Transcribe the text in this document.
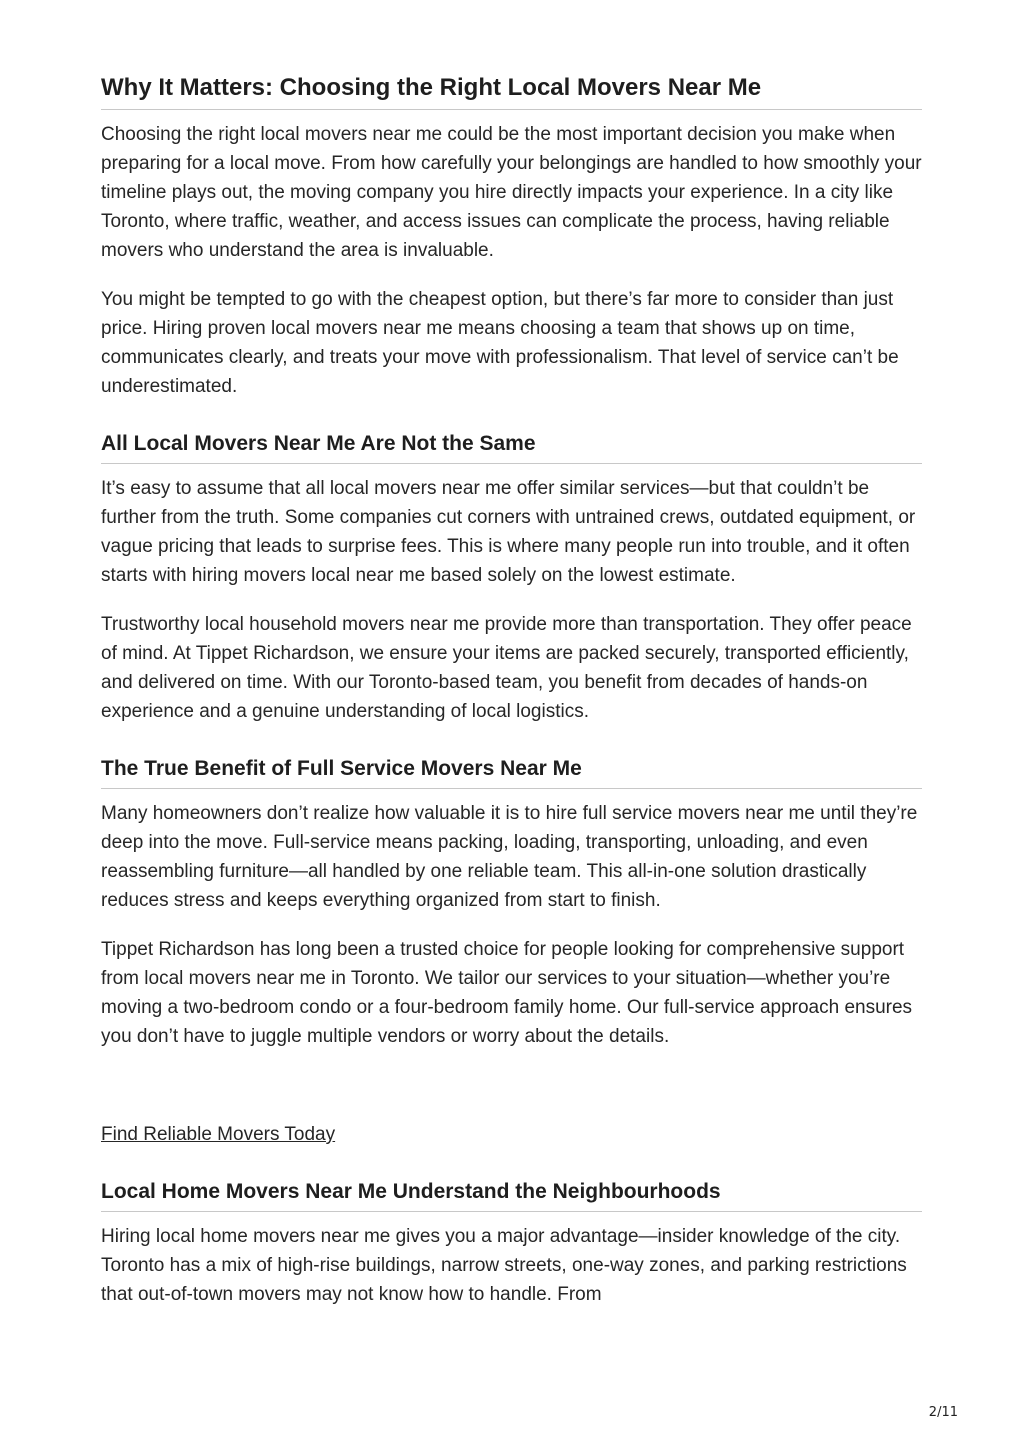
Why It Matters: Choosing the Right Local Movers Near Me

Choosing the right local movers near me could be the most important decision you make when preparing for a local move. From how carefully your belongings are handled to how smoothly your timeline plays out, the moving company you hire directly impacts your experience. In a city like Toronto, where traffic, weather, and access issues can complicate the process, having reliable movers who understand the area is invaluable.

You might be tempted to go with the cheapest option, but there’s far more to consider than just price. Hiring proven local movers near me means choosing a team that shows up on time, communicates clearly, and treats your move with professionalism. That level of service can’t be underestimated.

All Local Movers Near Me Are Not the Same

It’s easy to assume that all local movers near me offer similar services—but that couldn’t be further from the truth. Some companies cut corners with untrained crews, outdated equipment, or vague pricing that leads to surprise fees. This is where many people run into trouble, and it often starts with hiring movers local near me based solely on the lowest estimate.

Trustworthy local household movers near me provide more than transportation. They offer peace of mind. At Tippet Richardson, we ensure your items are packed securely, transported efficiently, and delivered on time. With our Toronto-based team, you benefit from decades of hands-on experience and a genuine understanding of local logistics.

The True Benefit of Full Service Movers Near Me

Many homeowners don’t realize how valuable it is to hire full service movers near me until they’re deep into the move. Full-service means packing, loading, transporting, unloading, and even reassembling furniture—all handled by one reliable team. This all-in-one solution drastically reduces stress and keeps everything organized from start to finish.

Tippet Richardson has long been a trusted choice for people looking for comprehensive support from local movers near me in Toronto. We tailor our services to your situation—whether you’re moving a two-bedroom condo or a four-bedroom family home. Our full-service approach ensures you don’t have to juggle multiple vendors or worry about the details.

Looking for trustworthy local movers? Get expert tips to make the right choice!

Find Reliable Movers Today
Local Home Movers Near Me Understand the Neighbourhoods

Hiring local home movers near me gives you a major advantage—insider knowledge of the city. Toronto has a mix of high-rise buildings, narrow streets, one-way zones, and parking restrictions that out-of-town movers may not know how to handle. From

2/11
